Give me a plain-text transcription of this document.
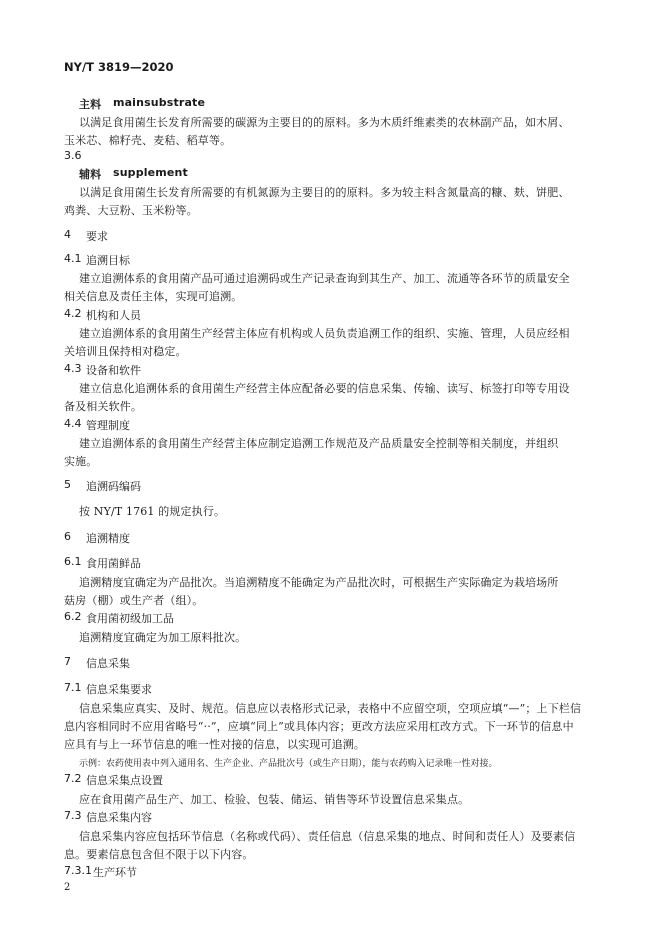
NY/T 3819—2020
主料 mainsubstrate
以满足食用菌生长发育所需要的碳源为主要目的的原料。多为木质纤维素类的农林副产品，如木屑、
玉米芯、棉籽壳、麦秸、稻草等。
3.6
辅料 supplement
以满足食用菌生长发育所需要的有机氮源为主要目的的原料。多为较主料含氮量高的糠、麸、饼肥、
鸡粪、大豆粉、玉米粉等。
4 要求
4.1 追溯目标
建立追溯体系的食用菌产品可通过追溯码或生产记录查询到其生产、加工、流通等各环节的质量安全
相关信息及责任主体，实现可追溯。
4.2 机构和人员
建立追溯体系的食用菌生产经营主体应有机构或人员负责追溯工作的组织、实施、管理，人员应经相
关培训且保持相对稳定。
4.3 设备和软件
建立信息化追溯体系的食用菌生产经营主体应配备必要的信息采集、传输、读写、标签打印等专用设
备及相关软件。
4.4 管理制度
建立追溯体系的食用菌生产经营主体应制定追溯工作规范及产品质量安全控制等相关制度，并组织
实施。
5 追溯码编码
按 NY/T 1761 的规定执行。
6 追溯精度
6.1 食用菌鲜品
追溯精度宜确定为产品批次。当追溯精度不能确定为产品批次时，可根据生产实际确定为栽培场所
菇房（棚）或生产者（组）。
6.2 食用菌初级加工品
追溯精度宜确定为加工原料批次。
7 信息采集
7.1 信息采集要求
信息采集应真实、及时、规范。信息应以表格形式记录，表格中不应留空项，空项应填“—”；上下栏信
息内容相同时不应用省略号“··”，应填“同上”或具体内容；更改方法应采用杠改方式。下一环节的信息中
应具有与上一环节信息的唯一性对接的信息，以实现可追溯。
示例：农药使用表中列入通用名、生产企业、产品批次号（或生产日期），能与农药购入记录唯一性对接。
7.2 信息采集点设置
应在食用菌产品生产、加工、检验、包装、储运、销售等环节设置信息采集点。
7.3 信息采集内容
信息采集内容应包括环节信息（名称或代码）、责任信息（信息采集的地点、时间和责任人）及要素信
息。要素信息包含但不限于以下内容。
7.3.1 生产环节
2
